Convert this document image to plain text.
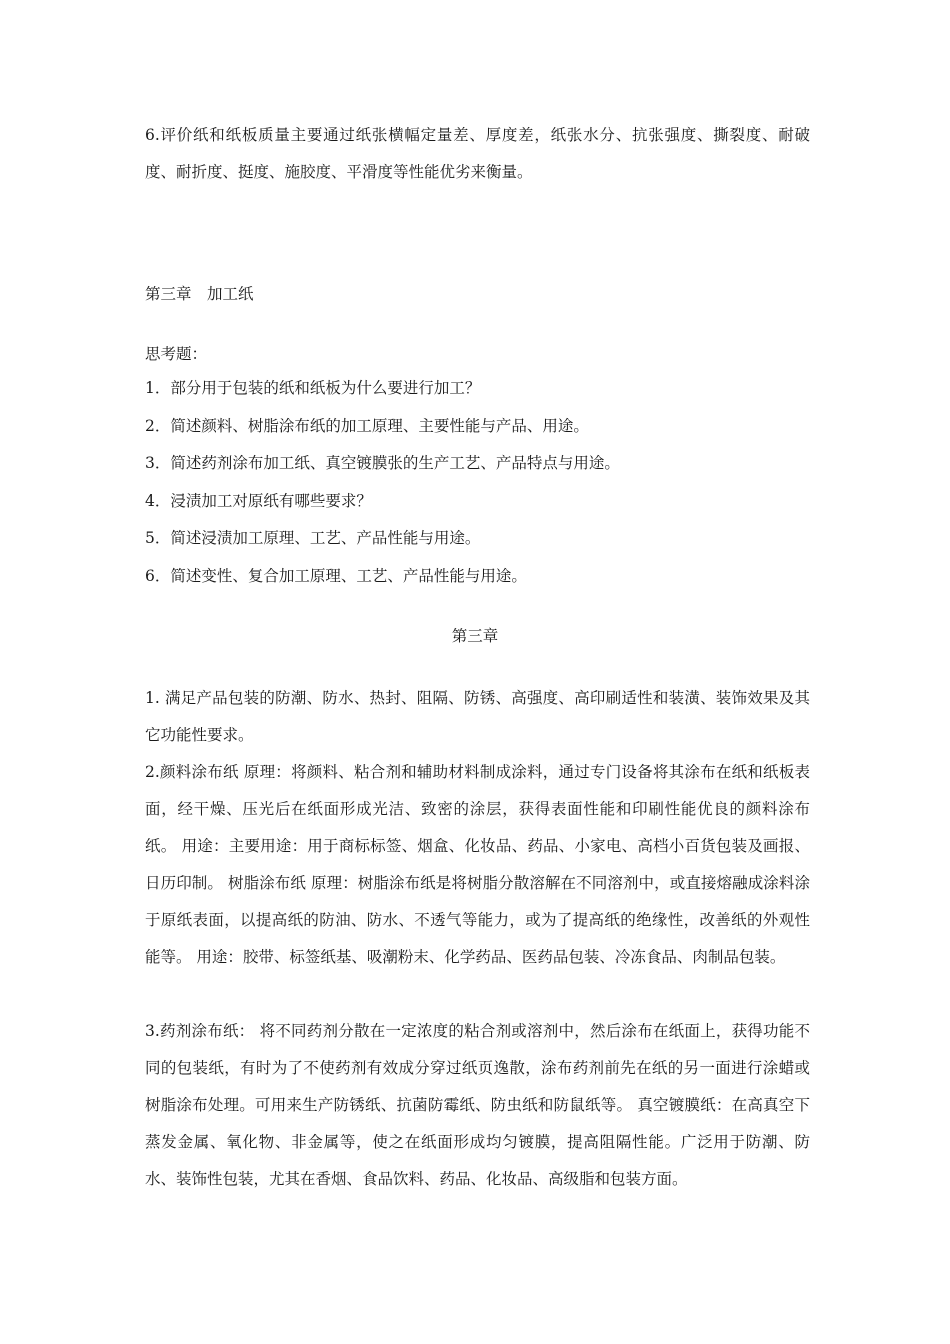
6.评价纸和纸板质量主要通过纸张横幅定量差、厚度差，纸张水分、抗张强度、撕裂度、耐破度、耐折度、挺度、施胶度、平滑度等性能优劣来衡量。
第三章　加工纸
思考题：
1．部分用于包装的纸和纸板为什么要进行加工？
2．简述颜料、树脂涂布纸的加工原理、主要性能与产品、用途。
3．简述药剂涂布加工纸、真空镀膜张的生产工艺、产品特点与用途。
4．浸渍加工对原纸有哪些要求？
5．简述浸渍加工原理、工艺、产品性能与用途。
6．简述变性、复合加工原理、工艺、产品性能与用途。
第三章
1. 满足产品包装的防潮、防水、热封、阻隔、防锈、高强度、高印刷适性和装潢、装饰效果及其它功能性要求。
2.颜料涂布纸 原理：将颜料、粘合剂和辅助材料制成涂料，通过专门设备将其涂布在纸和纸板表面，经干燥、压光后在纸面形成光洁、致密的涂层，获得表面性能和印刷性能优良的颜料涂布纸。 用途：主要用途：用于商标标签、烟盒、化妆品、药品、小家电、高档小百货包装及画报、日历印制。 树脂涂布纸 原理：树脂涂布纸是将树脂分散溶解在不同溶剂中，或直接熔融成涂料涂于原纸表面，以提高纸的防油、防水、不透气等能力，或为了提高纸的绝缘性，改善纸的外观性能等。 用途：胶带、标签纸基、吸潮粉末、化学药品、医药品包装、冷冻食品、肉制品包装。
3.药剂涂布纸： 将不同药剂分散在一定浓度的粘合剂或溶剂中，然后涂布在纸面上，获得功能不同的包装纸，有时为了不使药剂有效成分穿过纸页逸散，涂布药剂前先在纸的另一面进行涂蜡或树脂涂布处理。可用来生产防锈纸、抗菌防霉纸、防虫纸和防鼠纸等。 真空镀膜纸：在高真空下蒸发金属、氧化物、非金属等，使之在纸面形成均匀镀膜，提高阻隔性能。广泛用于防潮、防水、装饰性包装，尤其在香烟、食品饮料、药品、化妆品、高级脂和包装方面。
